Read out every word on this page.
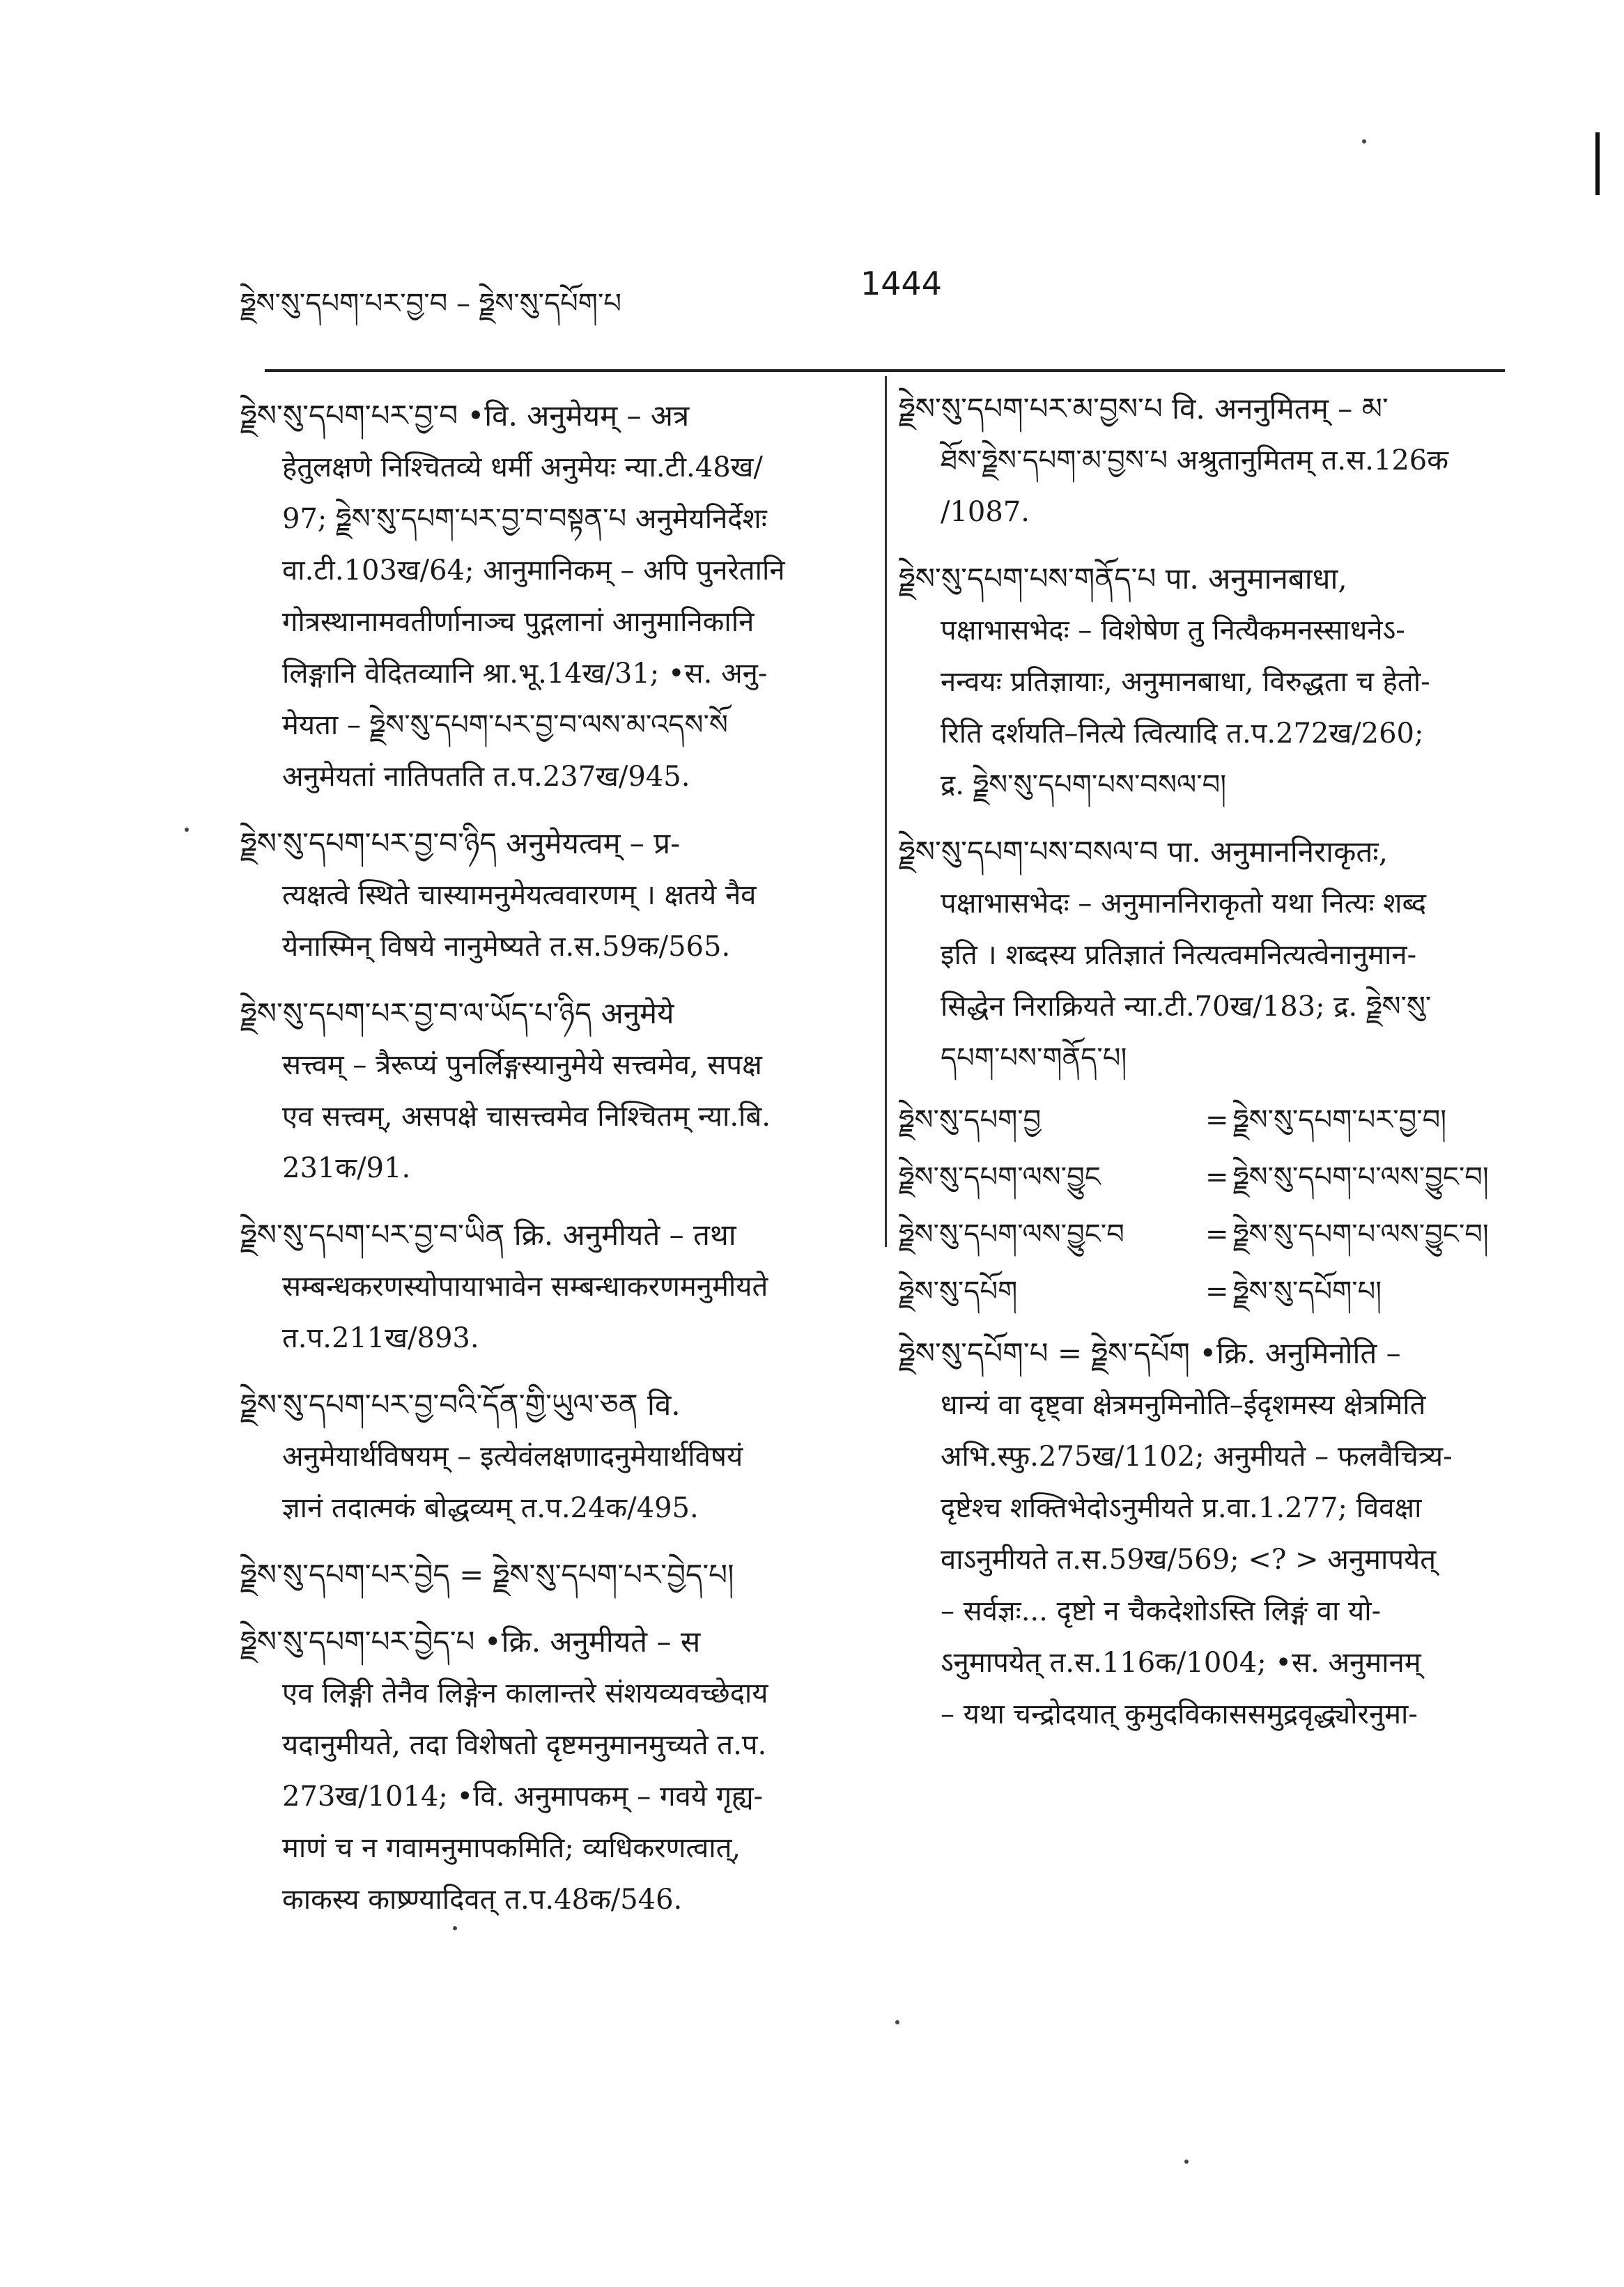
ཧྗེས་སུ་དཔག་པར་བྱ་བ – ཧྗེས་སུ་དཔོག་པ
1444

ཧྗེས་སུ་དཔག་པར་བྱ་བ •वि. अनुमेयम् – अत्र

हेतुलक्षणे निश्चितव्ये धर्मी अनुमेयः न्या.टी.48ख/

97; ཧྗེས་སུ་དཔག་པར་བྱ་བ་བསྟན་པ अनुमेयनिर्देशः

वा.टी.103ख/64; आनुमानिकम् – अपि पुनरेतानि

गोत्रस्थानामवतीर्णानाञ्च पुद्गलानां आनुमानिकानि

लिङ्गानि वेदितव्यानि श्रा.भू.14ख/31; •स. अनु-

मेयता – ཧྗེས་སུ་དཔག་པར་བྱ་བ་ལས་མ་འདས་སོ

अनुमेयतां नातिपतति त.प.237ख/945.

ཧྗེས་སུ་དཔག་པར་བྱ་བ་ཉིད अनुमेयत्वम् – प्र-

त्यक्षत्वे स्थिते चास्यामनुमेयत्ववारणम् । क्षतये नैव

येनास्मिन् विषये नानुमेष्यते त.स.59क/565.

ཧྗེས་སུ་དཔག་པར་བྱ་བ་ལ་ཡོད་པ་ཉིད अनुमेये

सत्त्वम् – त्रैरूप्यं पुनर्लिङ्गस्यानुमेये सत्त्वमेव, सपक्ष

एव सत्त्वम्, असपक्षे चासत्त्वमेव निश्चितम् न्या.बि.

231क/91.

ཧྗེས་སུ་དཔག་པར་བྱ་བ་ཡིན क्रि. अनुमीयते – तथा

सम्बन्धकरणस्योपायाभावेन सम्बन्धाकरणमनुमीयते

त.प.211ख/893.

ཧྗེས་སུ་དཔག་པར་བྱ་བའི་དོན་གྱི་ཡུལ་ཅན वि.

अनुमेयार्थविषयम् – इत्येवंलक्षणादनुमेयार्थविषयं

ज्ञानं तदात्मकं बोद्धव्यम् त.प.24क/495.

ཧྗེས་སུ་དཔག་པར་བྱེད = ཧྗེས་སུ་དཔག་པར་བྱེད་པ།

ཧྗེས་སུ་དཔག་པར་བྱེད་པ •क्रि. अनुमीयते – स

एव लिङ्गी तेनैव लिङ्गेन कालान्तरे संशयव्यवच्छेदाय

यदानुमीयते, तदा विशेषतो दृष्टमनुमानमुच्यते त.प.

273ख/1014; •वि. अनुमापकम् – गवये गृह्य-

माणं च न गवामनुमापकमिति; व्यधिकरणत्वात्,

काकस्य काष्र्ण्यादिवत् त.प.48क/546.

ཧྗེས་སུ་དཔག་པར་མ་བྱས་པ वि. अननुमितम् – མ་

ཐོས་ཧྗེས་དཔག་མ་བྱས་པ अश्रुतानुमितम् त.स.126क

/1087.

ཧྗེས་སུ་དཔག་པས་གནོད་པ पा. अनुमानबाधा,

पक्षाभासभेदः – विशेषेण तु नित्यैकमनस्साधनेऽ-

नन्वयः प्रतिज्ञायाः, अनुमानबाधा, विरुद्धता च हेतो-

रिति दर्शयति–नित्ये त्वित्यादि त.प.272ख/260;

द्र. ཧྗེས་སུ་དཔག་པས་བསལ་བ།

ཧྗེས་སུ་དཔག་པས་བསལ་བ पा. अनुमाननिराकृतः,

पक्षाभासभेदः – अनुमाननिराकृतो यथा नित्यः शब्द

इति । शब्दस्य प्रतिज्ञातं नित्यत्वमनित्यत्वेनानुमान-

सिद्धेन निराक्रियते न्या.टी.70ख/183; द्र. ཧྗེས་སུ་

དཔག་པས་གནོད་པ།

ཧྗེས་སུ་དཔག་བྱ	= ཧྗེས་སུ་དཔག་པར་བྱ་བ།
ཧྗེས་སུ་དཔག་ལས་བྱུང	= ཧྗེས་སུ་དཔག་པ་ལས་བྱུང་བ།
ཧྗེས་སུ་དཔག་ལས་བྱུང་བ	= ཧྗེས་སུ་དཔག་པ་ལས་བྱུང་བ།
ཧྗེས་སུ་དཔོག	= ཧྗེས་སུ་དཔོག་པ།

ཧྗེས་སུ་དཔོག་པ = ཧྗེས་དཔོག •क्रि. अनुमिनोति –

धान्यं वा दृष्ट्वा क्षेत्रमनुमिनोति–ईदृशमस्य क्षेत्रमिति

अभि.स्फु.275ख/1102; अनुमीयते – फलवैचित्र्य-

दृष्टेश्च शक्तिभेदोऽनुमीयते प्र.वा.1.277; विवक्षा

वाऽनुमीयते त.स.59ख/569; <? > अनुमापयेत्

– सर्वज्ञः... दृष्टो न चैकदेशोऽस्ति लिङ्गं वा यो-

ऽनुमापयेत् त.स.116क/1004; •स. अनुमानम्

– यथा चन्द्रोदयात् कुमुदविकाससमुद्रवृद्ध्योरनुमा-
